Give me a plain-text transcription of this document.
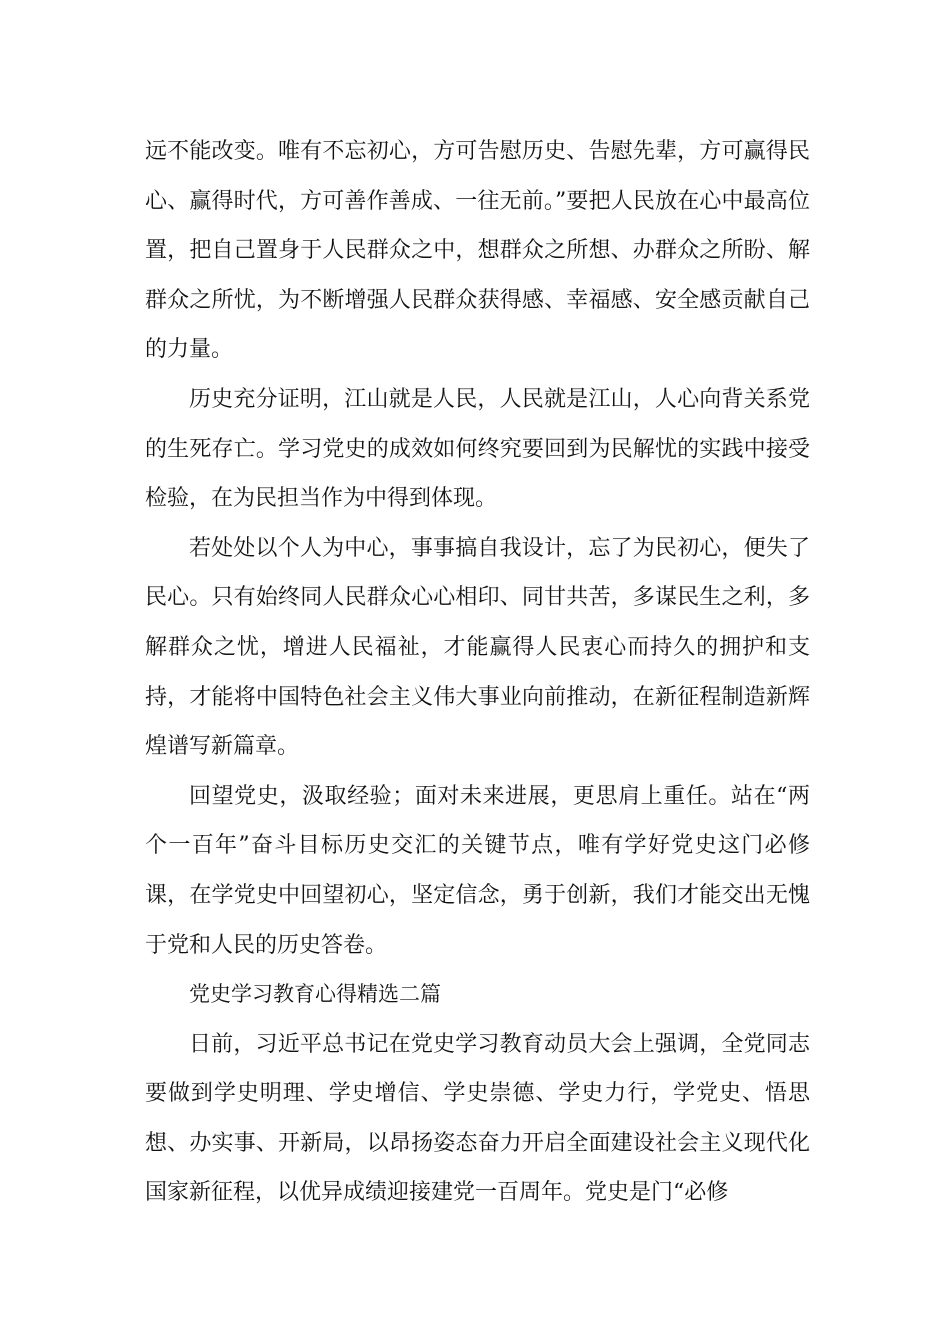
远不能改变。唯有不忘初心，方可告慰历史、告慰先辈，方可赢得民心、赢得时代，方可善作善成、一往无前。”要把人民放在心中最高位置，把自己置身于人民群众之中，想群众之所想、办群众之所盼、解群众之所忧，为不断增强人民群众获得感、幸福感、安全感贡献自己的力量。

历史充分证明，江山就是人民，人民就是江山，人心向背关系党的生死存亡。学习党史的成效如何终究要回到为民解忧的实践中接受检验，在为民担当作为中得到体现。

若处处以个人为中心，事事搞自我设计，忘了为民初心，便失了民心。只有始终同人民群众心心相印、同甘共苦，多谋民生之利，多解群众之忧，增进人民福祉，才能赢得人民衷心而持久的拥护和支持，才能将中国特色社会主义伟大事业向前推动，在新征程制造新辉煌谱写新篇章。

回望党史，汲取经验；面对未来进展，更思肩上重任。站在“两个一百年”奋斗目标历史交汇的关键节点，唯有学好党史这门必修课，在学党史中回望初心，坚定信念，勇于创新，我们才能交出无愧于党和人民的历史答卷。

党史学习教育心得精选二篇

日前，习近平总书记在党史学习教育动员大会上强调，全党同志要做到学史明理、学史增信、学史崇德、学史力行，学党史、悟思想、办实事、开新局，以昂扬姿态奋力开启全面建设社会主义现代化国家新征程，以优异成绩迎接建党一百周年。党史是门“必修
